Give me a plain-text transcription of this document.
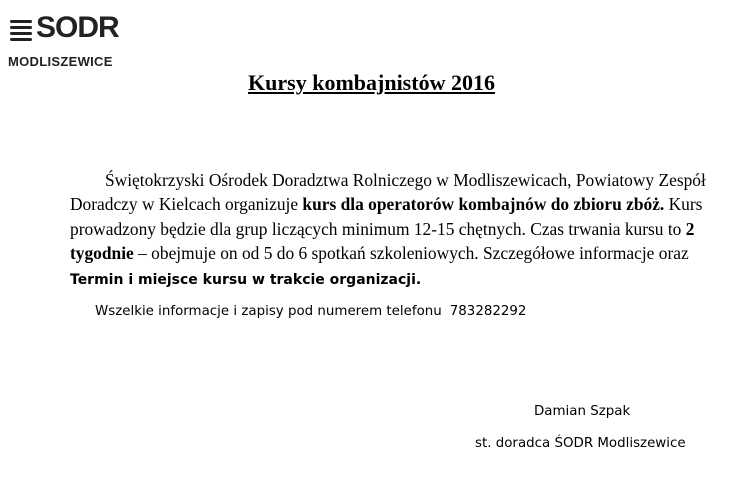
SODR
MODLISZEWICE
Kursy kombajnistów 2016
Świętokrzyski Ośrodek Doradztwa Rolniczego w Modliszewicach, Powiatowy Zespół Doradczy w Kielcach organizuje kurs dla operatorów kombajnów do zbioru zbóż. Kurs prowadzony będzie dla grup liczących minimum 12-15 chętnych. Czas trwania kursu to 2 tygodnie – obejmuje on od 5 do 6 spotkań szkoleniowych. Szczegółowe informacje oraz Termin i miejsce kursu w trakcie organizacji.
Wszelkie informacje i zapisy pod numerem telefonu 783282292
Damian Szpak
st. doradca ŚODR Modliszewice
